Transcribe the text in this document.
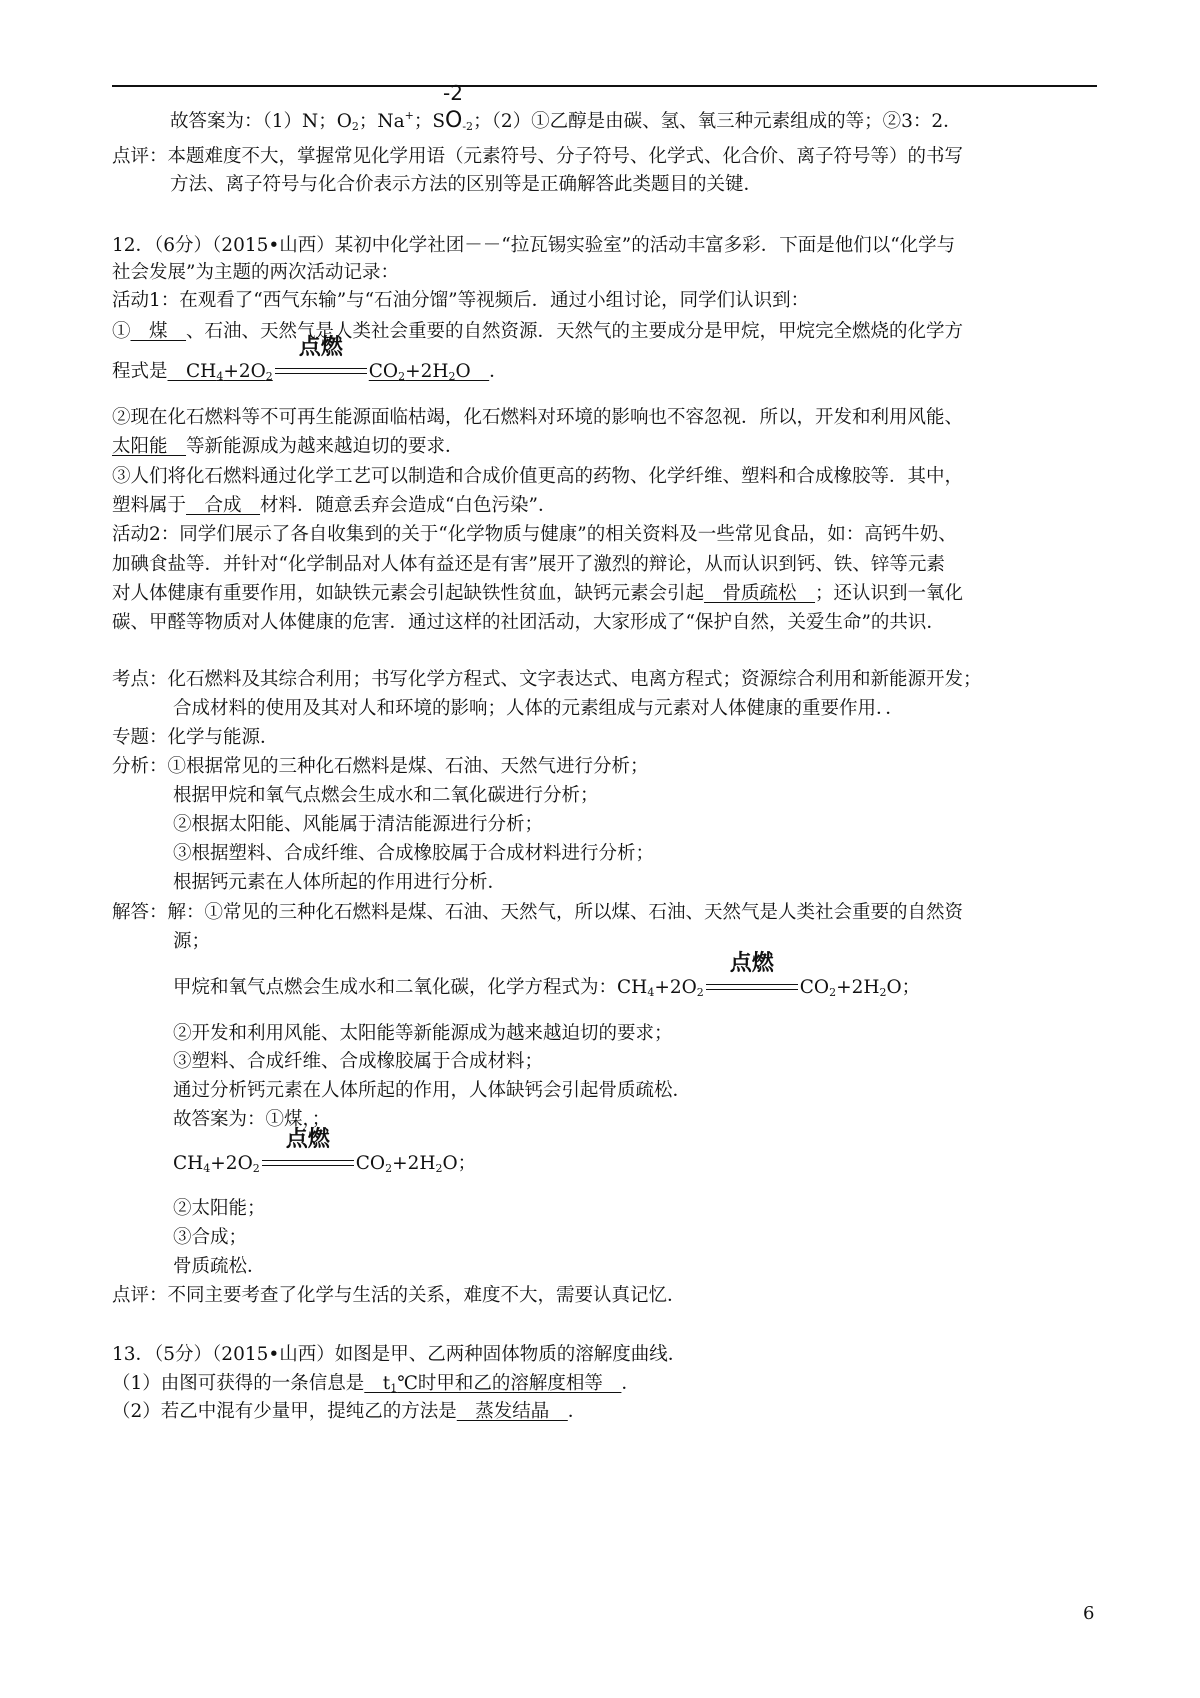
故答案为：（1）N；$O_2$；Na+；S
-2
$O_{-2}$；（2）①乙醇是由碳、氢、氧三种元素组成的等；②3：2．
点评：本题难度不大，掌握常见化学用语（元素符号、分子符号、化学式、化合价、离子符号等）的书写
方法、离子符号与化合价表示方法的区别等是正确解答此类题目的关键．
12．（6分）（2015•山西）某初中化学社团－－“拉瓦锡实验室”的活动丰富多彩．下面是他们以“化学与
社会发展”为主题的两次活动记录：
活动1：在观看了“西气东输”与“石油分馏”等视频后．通过小组讨论，同学们认识到：
①　煤　、石油、天然气是人类社会重要的自然资源．天然气的主要成分是甲烷，甲烷完全燃烧的化学方
程式是　$CH_4+2O_2$
点燃
$CO_2+2H_2O$　．
②现在化石燃料等不可再生能源面临枯竭，化石燃料对环境的影响也不容忽视．所以，开发和利用风能、
太阳能　等新能源成为越来越迫切的要求．
③人们将化石燃料通过化学工艺可以制造和合成价值更高的药物、化学纤维、塑料和合成橡胶等．其中，
塑料属于　合成　材料．随意丢弃会造成“白色污染”．
活动2：同学们展示了各自收集到的关于“化学物质与健康”的相关资料及一些常见食品，如：高钙牛奶、
加碘食盐等．并针对“化学制品对人体有益还是有害”展开了激烈的辩论，从而认识到钙、铁、锌等元素
对人体健康有重要作用，如缺铁元素会引起缺铁性贫血，缺钙元素会引起　骨质疏松　；还认识到一氧化
碳、甲醛等物质对人体健康的危害．通过这样的社团活动，大家形成了“保护自然，关爱生命”的共识．
考点：化石燃料及其综合利用；书写化学方程式、文字表达式、电离方程式；资源综合利用和新能源开发；
合成材料的使用及其对人和环境的影响；人体的元素组成与元素对人体健康的重要作用．．
专题：化学与能源．
分析：①根据常见的三种化石燃料是煤、石油、天然气进行分析；
根据甲烷和氧气点燃会生成水和二氧化碳进行分析；
②根据太阳能、风能属于清洁能源进行分析；
③根据塑料、合成纤维、合成橡胶属于合成材料进行分析；
根据钙元素在人体所起的作用进行分析．
解答：解：①常见的三种化石燃料是煤、石油、天然气，所以煤、石油、天然气是人类社会重要的自然资
源；
甲烷和氧气点燃会生成水和二氧化碳，化学方程式为：$CH_4+2O_2$
点燃
$CO_2+2H_2O$；
②开发和利用风能、太阳能等新能源成为越来越迫切的要求；
③塑料、合成纤维、合成橡胶属于合成材料；
通过分析钙元素在人体所起的作用，人体缺钙会引起骨质疏松．
故答案为：①煤，；
$CH_4+2O_2$
点燃
$CO_2+2H_2O$；
②太阳能；
③合成；
骨质疏松．
点评：不同主要考查了化学与生活的关系，难度不大，需要认真记忆．
13．（5分）（2015•山西）如图是甲、乙两种固体物质的溶解度曲线．
（1）由图可获得的一条信息是　$t_1℃$时甲和乙的溶解度相等　．
（2）若乙中混有少量甲，提纯乙的方法是　蒸发结晶　．
6
